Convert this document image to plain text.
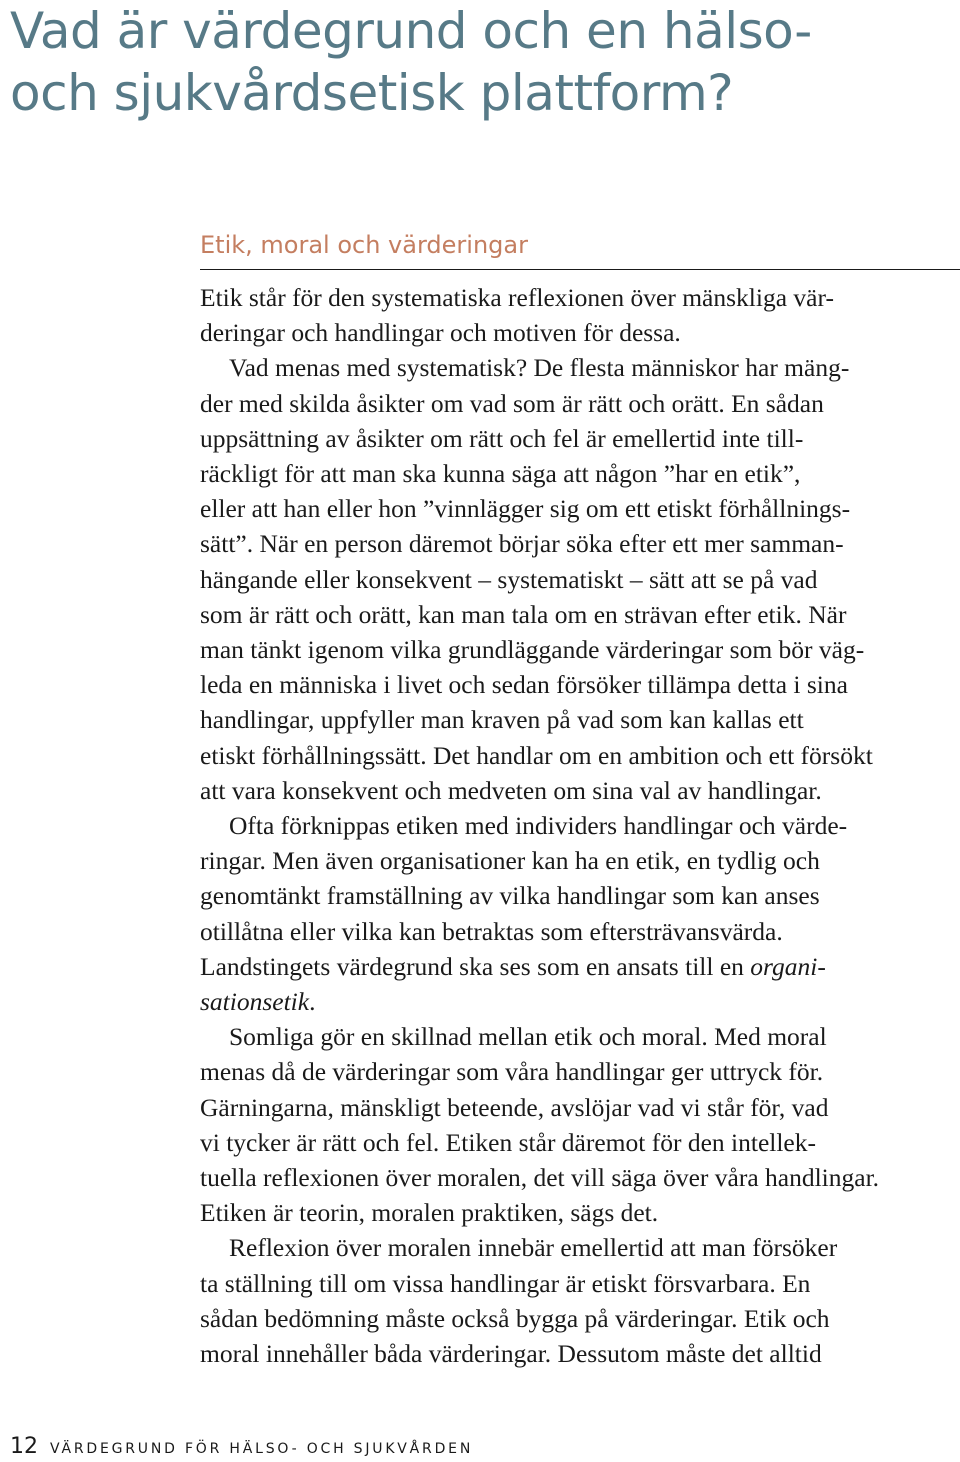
Vad är värdegrund och en hälso-
och sjukvårdsetisk plattform?
Etik, moral och värderingar
Etik står för den systematiska reflexionen över mänskliga vär-
deringar och handlingar och motiven för dessa.
Vad menas med systematisk? De flesta människor har mäng-
der med skilda åsikter om vad som är rätt och orätt. En sådan
uppsättning av åsikter om rätt och fel är emellertid inte till-
räckligt för att man ska kunna säga att någon ”har en etik”,
eller att han eller hon ”vinnlägger sig om ett etiskt förhållnings-
sätt”. När en person däremot börjar söka efter ett mer samman-
hängande eller konsekvent – systematiskt – sätt att se på vad
som är rätt och orätt, kan man tala om en strävan efter etik. När
man tänkt igenom vilka grundläggande värderingar som bör väg-
leda en människa i livet och sedan försöker tillämpa detta i sina
handlingar, uppfyller man kraven på vad som kan kallas ett
etiskt förhållningssätt. Det handlar om en ambition och ett försökt
att vara konsekvent och medveten om sina val av handlingar.
Ofta förknippas etiken med individers handlingar och värde-
ringar. Men även organisationer kan ha en etik, en tydlig och
genomtänkt framställning av vilka handlingar som kan anses
otillåtna eller vilka kan betraktas som eftersträvansvärda.
Landstingets värdegrund ska ses som en ansats till en organi-
sationsetik.
Somliga gör en skillnad mellan etik och moral. Med moral
menas då de värderingar som våra handlingar ger uttryck för.
Gärningarna, mänskligt beteende, avslöjar vad vi står för, vad
vi tycker är rätt och fel. Etiken står däremot för den intellek-
tuella reflexionen över moralen, det vill säga över våra handlingar.
Etiken är teorin, moralen praktiken, sägs det.
Reflexion över moralen innebär emellertid att man försöker
ta ställning till om vissa handlingar är etiskt försvarbara. En
sådan bedömning måste också bygga på värderingar. Etik och
moral innehåller båda värderingar. Dessutom måste det alltid
12 VÄRDEGRUND FÖR HÄLSO- OCH SJUKVÅRDEN
